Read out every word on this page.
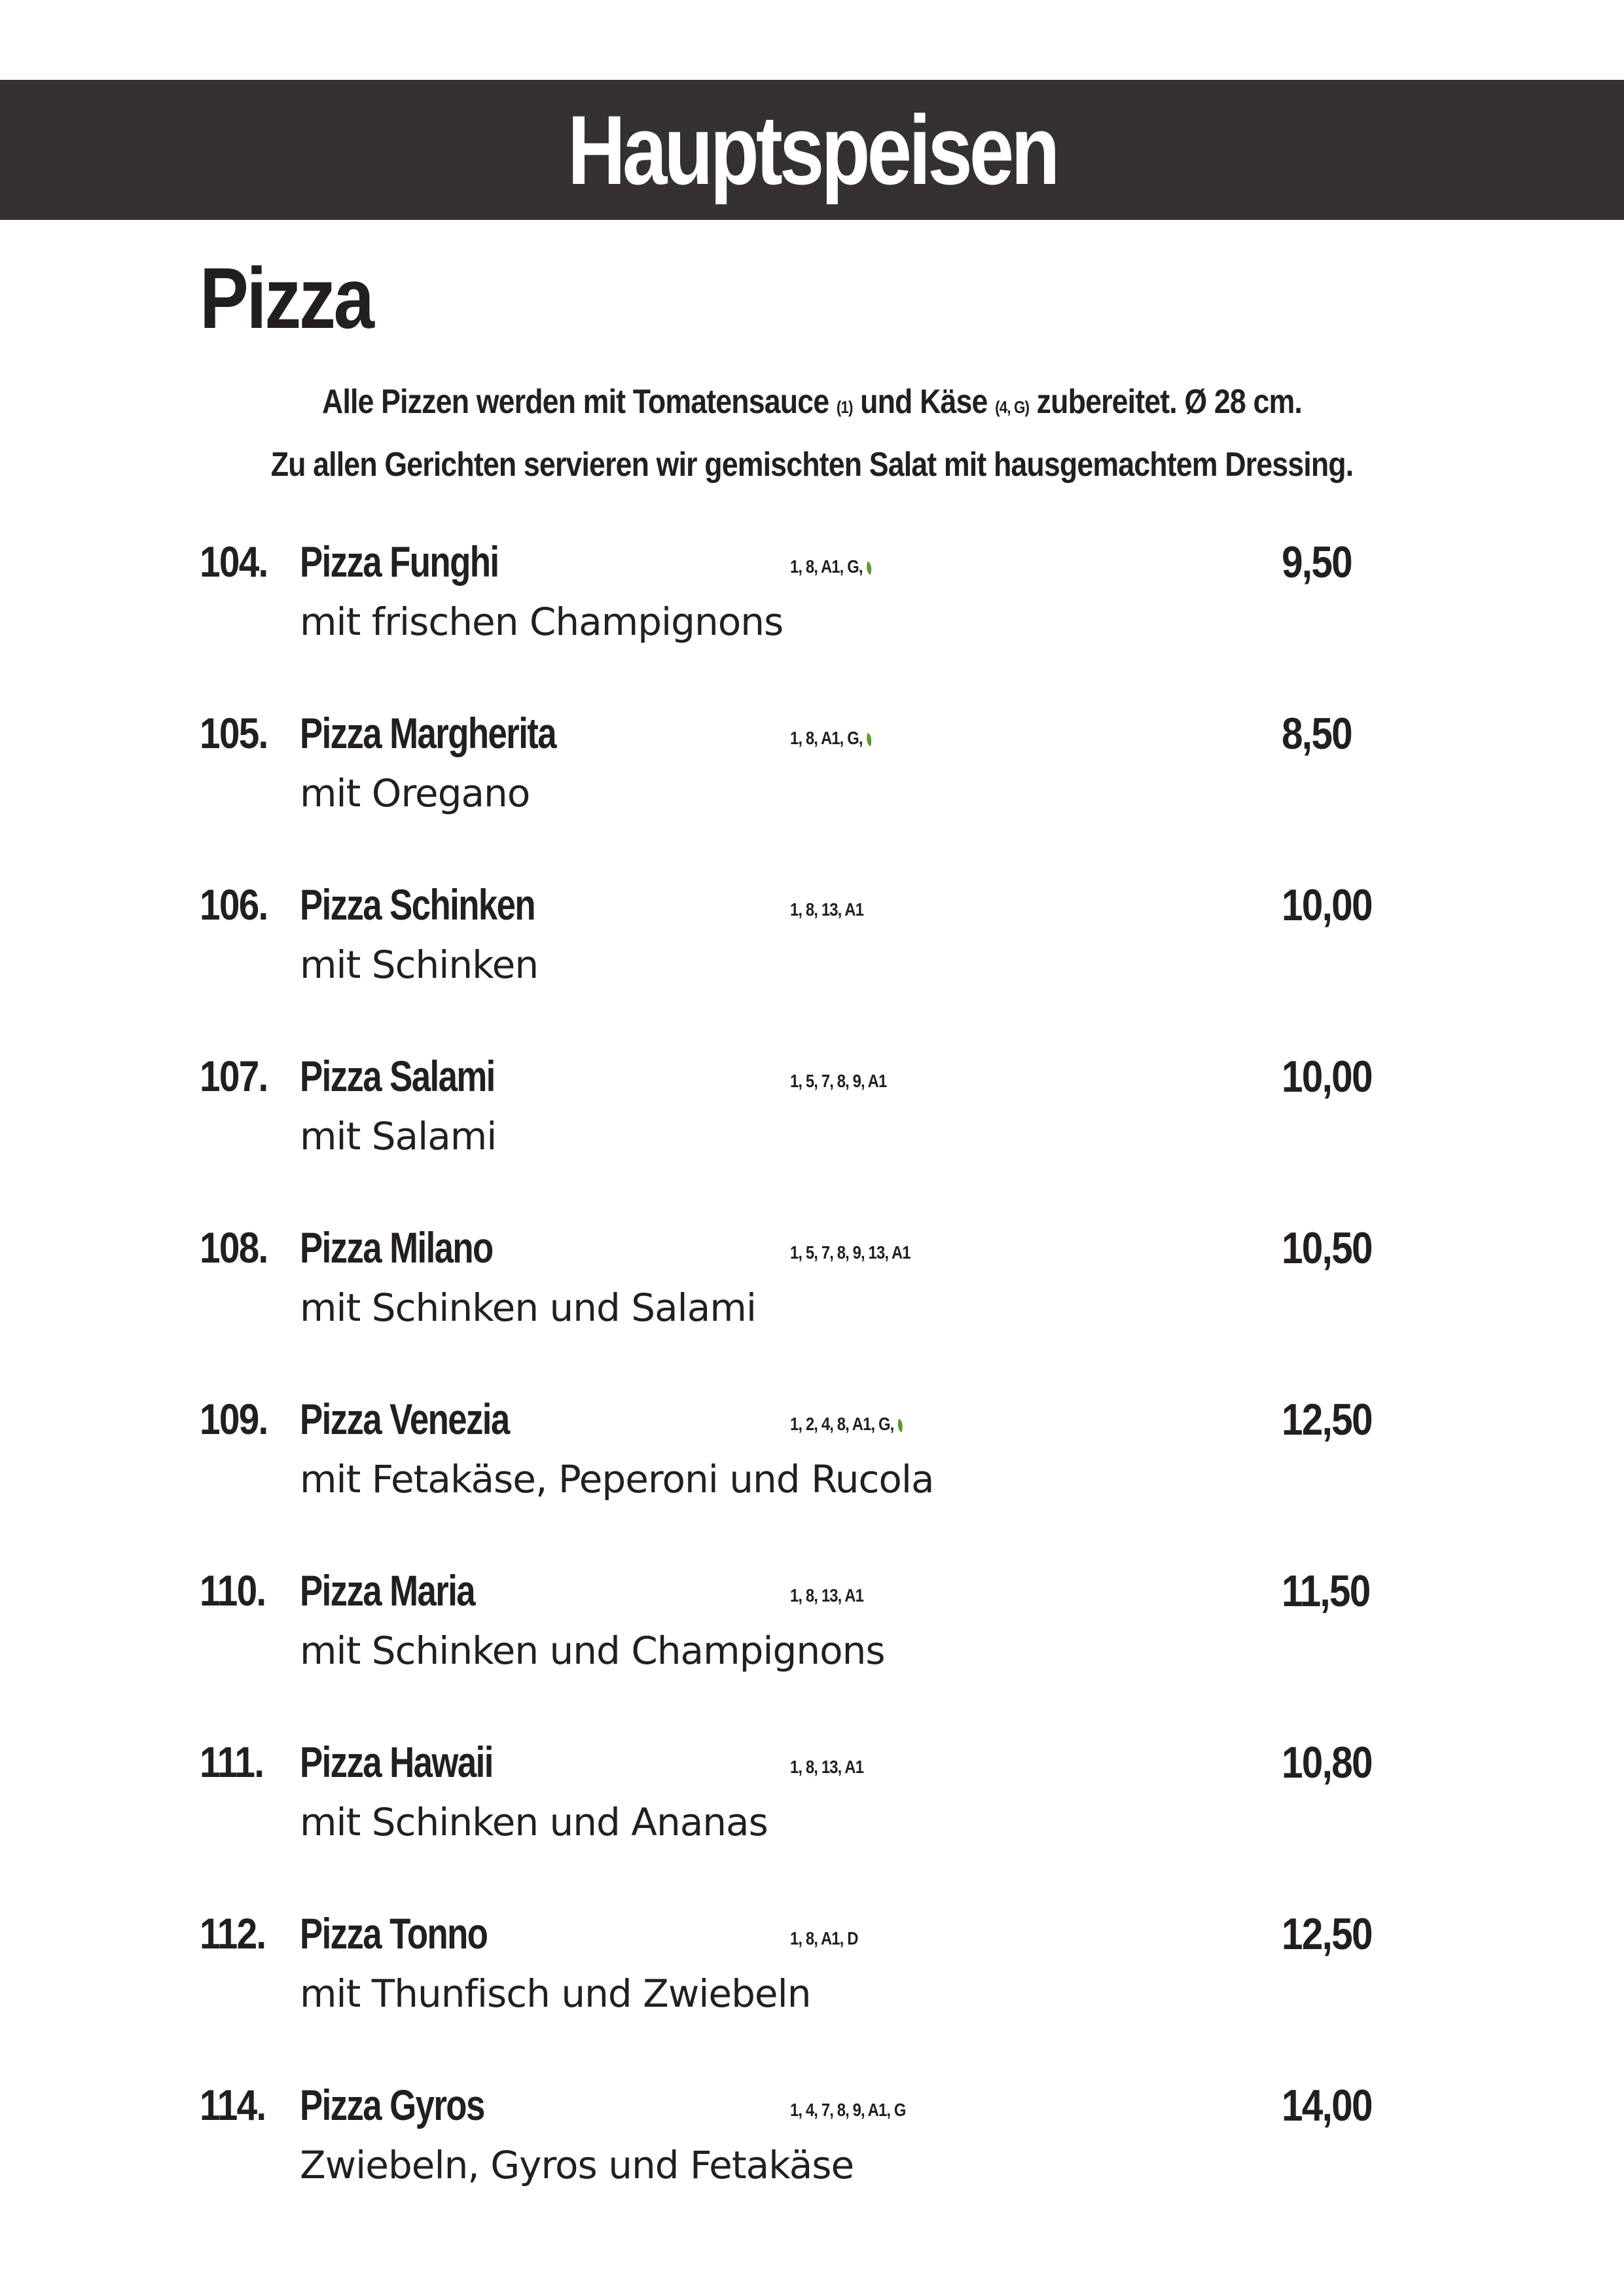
Hauptspeisen
Pizza
Alle Pizzen werden mit Tomatensauce (1) und Käse (4, G) zubereitet. Ø 28 cm.
Zu allen Gerichten servieren wir gemischten Salat mit hausgemachtem Dressing.
104. Pizza Funghi	1, 8, A1, G,	9,50
mit frischen Champignons
105. Pizza Margherita	1, 8, A1, G,	8,50
mit Oregano
106. Pizza Schinken	1, 8, 13, A1	10,00
mit Schinken
107. Pizza Salami	1, 5, 7, 8, 9, A1	10,00
mit Salami
108. Pizza Milano	1, 5, 7, 8, 9, 13, A1	10,50
mit Schinken und Salami
109. Pizza Venezia	1, 2, 4, 8, A1, G,	12,50
mit Fetakäse, Peperoni und Rucola
110. Pizza Maria	1, 8, 13, A1	11,50
mit Schinken und Champignons
111. Pizza Hawaii	1, 8, 13, A1	10,80
mit Schinken und Ananas
112. Pizza Tonno	1, 8, A1, D	12,50
mit Thunfisch und Zwiebeln
114. Pizza Gyros	1, 4, 7, 8, 9, A1, G	14,00
Zwiebeln, Gyros und Fetakäse
